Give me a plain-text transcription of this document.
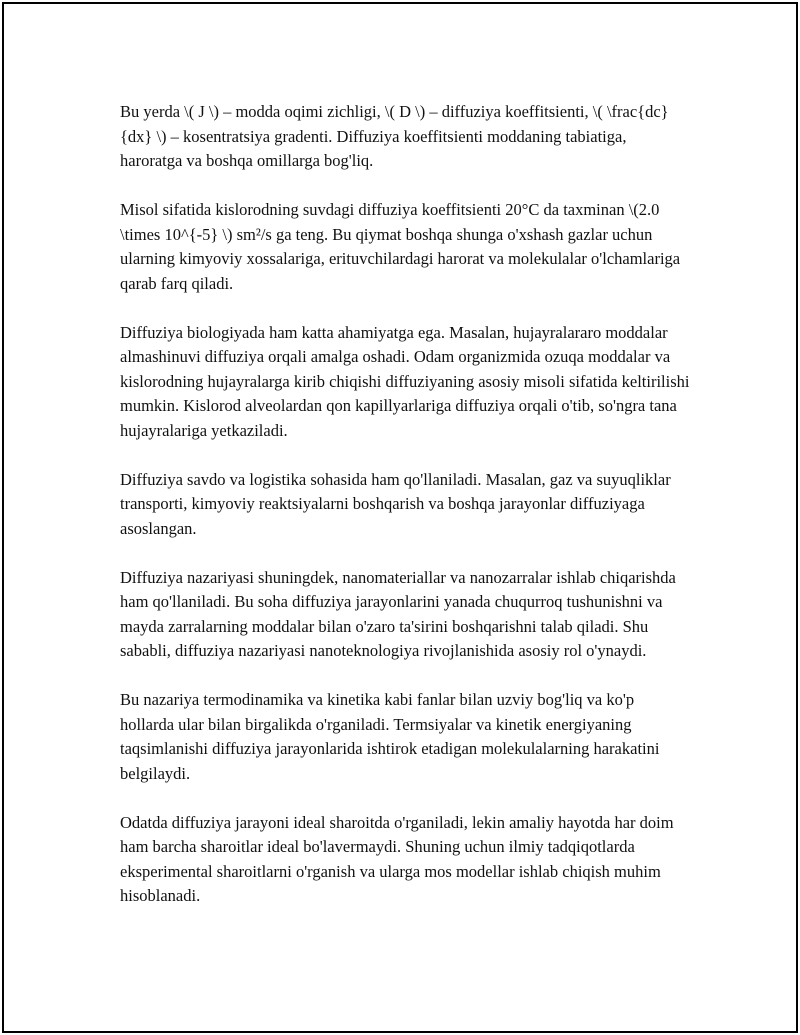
Bu yerda \( J \) – modda oqimi zichligi, \( D \) – diffuziya koeffitsienti, \( \frac{dc}{dx} \) – kosentratsiya gradenti. Diffuziya koeffitsienti moddaning tabiatiga, haroratga va boshqa omillarga bog'liq.

Misol sifatida kislorodning suvdagi diffuziya koeffitsienti 20°C da taxminan \(2.0 \times 10^{-5} \) sm²/s ga teng. Bu qiymat boshqa shunga o'xshash gazlar uchun ularning kimyoviy xossalariga, erituvchilardagi harorat va molekulalar o'lchamlariga qarab farq qiladi.

Diffuziya biologiyada ham katta ahamiyatga ega. Masalan, hujayralararo moddalar almashinuvi diffuziya orqali amalga oshadi. Odam organizmida ozuqa moddalar va kislorodning hujayralarga kirib chiqishi diffuziyaning asosiy misoli sifatida keltirilishi mumkin. Kislorod alveolardan qon kapillyarlariga diffuziya orqali o'tib, so'ngra tana hujayralariga yetkaziladi.

Diffuziya savdo va logistika sohasida ham qo'llaniladi. Masalan, gaz va suyuqliklar transporti, kimyoviy reaktsiyalarni boshqarish va boshqa jarayonlar diffuziyaga asoslangan.

Diffuziya nazariyasi shuningdek, nanomateriallar va nanozarralar ishlab chiqarishda ham qo'llaniladi. Bu soha diffuziya jarayonlarini yanada chuqurroq tushunishni va mayda zarralarning moddalar bilan o'zaro ta'sirini boshqarishni talab qiladi. Shu sababli, diffuziya nazariyasi nanoteknologiya rivojlanishida asosiy rol o'ynaydi.

Bu nazariya termodinamika va kinetika kabi fanlar bilan uzviy bog'liq va ko'p hollarda ular bilan birgalikda o'rganiladi. Termsiyalar va kinetik energiyaning taqsimlanishi diffuziya jarayonlarida ishtirok etadigan molekulalarning harakatini belgilaydi.

Odatda diffuziya jarayoni ideal sharoitda o'rganiladi, lekin amaliy hayotda har doim ham barcha sharoitlar ideal bo'lavermaydi. Shuning uchun ilmiy tadqiqotlarda eksperimental sharoitlarni o'rganish va ularga mos modellar ishlab chiqish muhim hisoblanadi.
